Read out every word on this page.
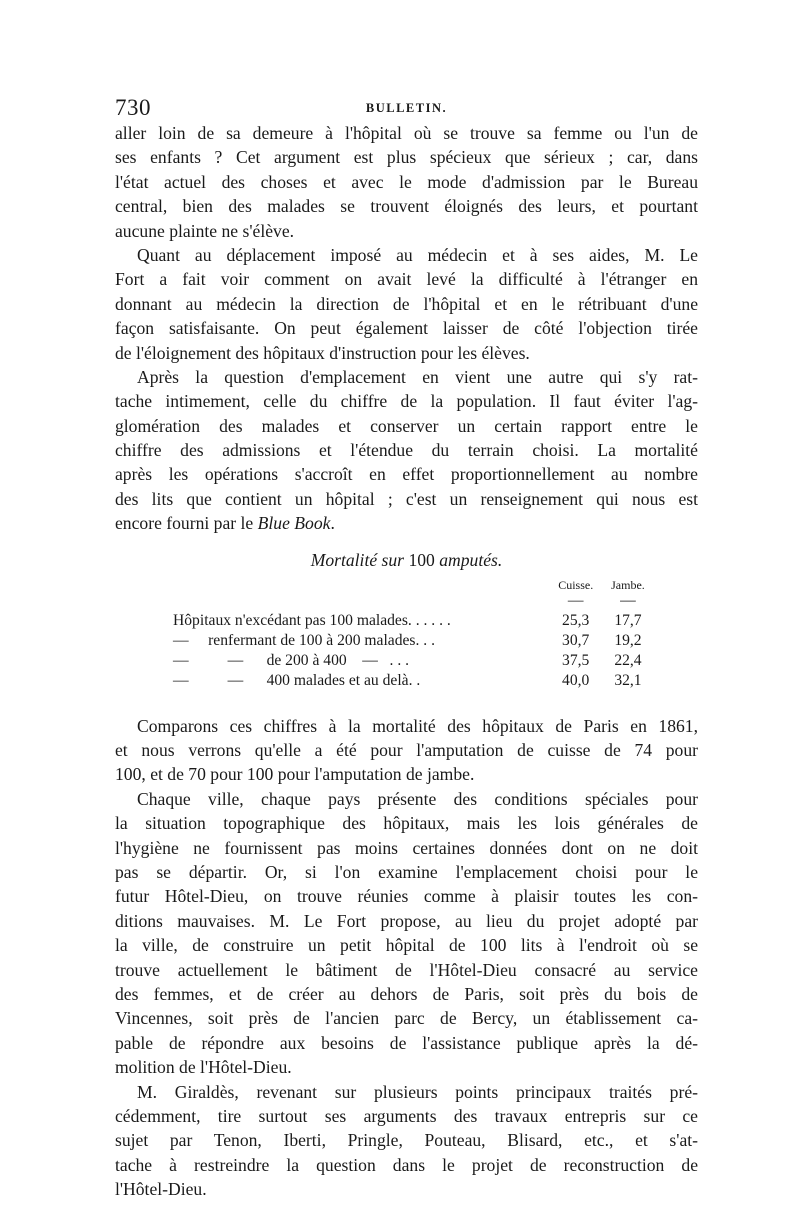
730	BULLETIN.

aller loin de sa demeure à l'hôpital où se trouve sa femme ou l'un de
ses enfants ? Cet argument est plus spécieux que sérieux ; car, dans
l'état actuel des choses et avec le mode d'admission par le Bureau
central, bien des malades se trouvent éloignés des leurs, et pourtant
aucune plainte ne s'élève.

Quant au déplacement imposé au médecin et à ses aides, M. Le
Fort a fait voir comment on avait levé la difficulté à l'étranger en
donnant au médecin la direction de l'hôpital et en le rétribuant d'une
façon satisfaisante. On peut également laisser de côté l'objection tirée
de l'éloignement des hôpitaux d'instruction pour les élèves.

Après la question d'emplacement en vient une autre qui s'y rat-
tache intimement, celle du chiffre de la population. Il faut éviter l'ag-
glomération des malades et conserver un certain rapport entre le
chiffre des admissions et l'étendue du terrain choisi. La mortalité
après les opérations s'accroît en effet proportionnellement au nombre
des lits que contient un hôpital ; c'est un renseignement qui nous est
encore fourni par le Blue Book.

Mortalité sur 100 amputés.
	Cuisse.	Jambe.	
	—	—	
Hôpitaux n'excédant pas 100 malades. . . . . .	25,3	17,7	
—     renfermant de 100 à 200 malades. . .	30,7	19,2	
—          —      de 200 à 400    —   . . .	37,5	22,4	
—          —      400 malades et au delà. .	40,0	32,1	

Comparons ces chiffres à la mortalité des hôpitaux de Paris en 1861,
et nous verrons qu'elle a été pour l'amputation de cuisse de 74 pour
100, et de 70 pour 100 pour l'amputation de jambe.

Chaque ville, chaque pays présente des conditions spéciales pour
la situation topographique des hôpitaux, mais les lois générales de
l'hygiène ne fournissent pas moins certaines données dont on ne doit
pas se départir. Or, si l'on examine l'emplacement choisi pour le
futur Hôtel-Dieu, on trouve réunies comme à plaisir toutes les con-
ditions mauvaises. M. Le Fort propose, au lieu du projet adopté par
la ville, de construire un petit hôpital de 100 lits à l'endroit où se
trouve actuellement le bâtiment de l'Hôtel-Dieu consacré au service
des femmes, et de créer au dehors de Paris, soit près du bois de
Vincennes, soit près de l'ancien parc de Bercy, un établissement ca-
pable de répondre aux besoins de l'assistance publique après la dé-
molition de l'Hôtel-Dieu.

M. Giraldès, revenant sur plusieurs points principaux traités pré-
cédemment, tire surtout ses arguments des travaux entrepris sur ce
sujet par Tenon, Iberti, Pringle, Pouteau, Blisard, etc., et s'at-
tache à restreindre la question dans le projet de reconstruction de
l'Hôtel-Dieu.
